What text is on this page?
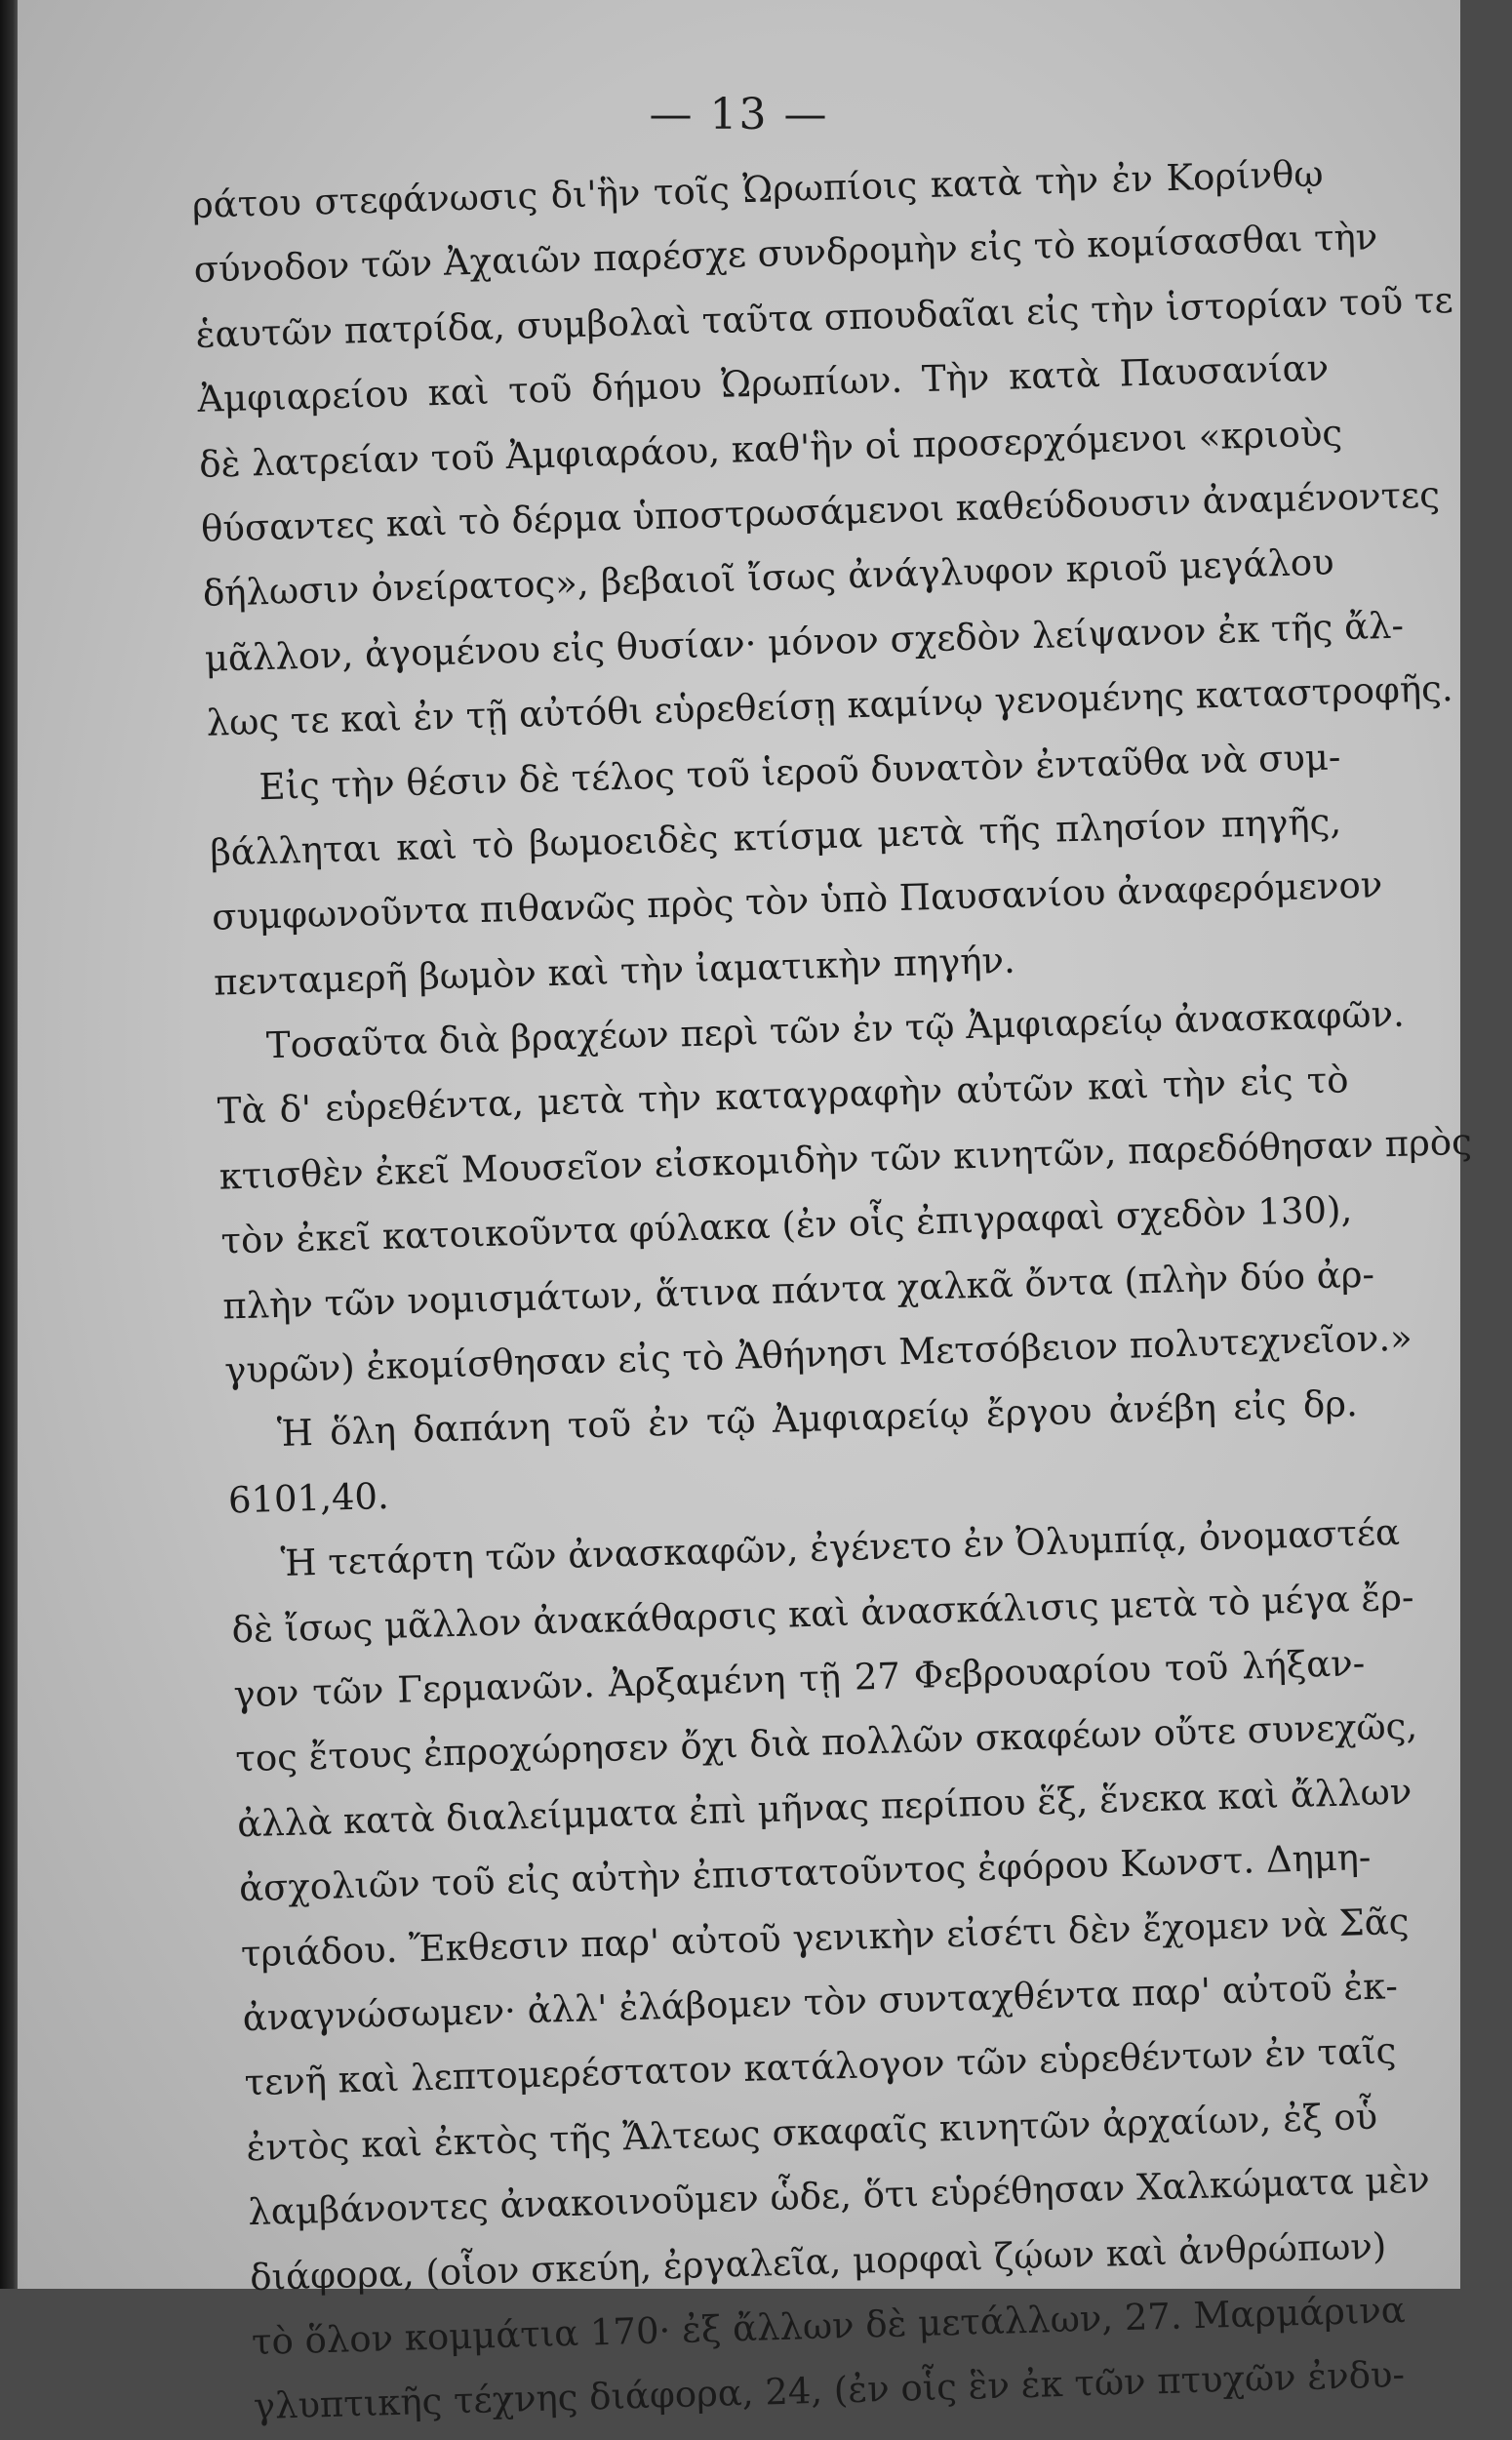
— 13 —
ράτου στεφάνωσις δι'ἣν τοῖς Ὠρωπίοις κατὰ τὴν ἐν Κορίνθῳ
σύνοδον τῶν Ἀχαιῶν παρέσχε συνδρομὴν εἰς τὸ κομίσασθαι τὴν
ἑαυτῶν πατρίδα, συμβολαὶ ταῦτα σπουδαῖαι εἰς τὴν ἱστορίαν τοῦ τε
Ἀμφιαρείου καὶ τοῦ δήμου Ὠρωπίων. Τὴν κατὰ Παυσανίαν
δὲ λατρείαν τοῦ Ἀμφιαράου, καθ'ἣν οἱ προσερχόμενοι «κριοὺς
θύσαντες καὶ τὸ δέρμα ὑποστρωσάμενοι καθεύδουσιν ἀναμένοντες
δήλωσιν ὀνείρατος», βεβαιοῖ ἴσως ἀνάγλυφον κριοῦ μεγάλου
μᾶλλον, ἀγομένου εἰς θυσίαν· μόνον σχεδὸν λείψανον ἐκ τῆς ἄλ-
λως τε καὶ ἐν τῇ αὐτόθι εὑρεθείσῃ καμίνῳ γενομένης καταστροφῆς.
Εἰς τὴν θέσιν δὲ τέλος τοῦ ἱεροῦ δυνατὸν ἐνταῦθα νὰ συμ-
βάλληται καὶ τὸ βωμοειδὲς κτίσμα μετὰ τῆς πλησίον πηγῆς,
συμφωνοῦντα πιθανῶς πρὸς τὸν ὑπὸ Παυσανίου ἀναφερόμενον
πενταμερῆ βωμὸν καὶ τὴν ἰαματικὴν πηγήν.
Τοσαῦτα διὰ βραχέων περὶ τῶν ἐν τῷ Ἀμφιαρείῳ ἀνασκαφῶν.
Τὰ δ' εὑρεθέντα, μετὰ τὴν καταγραφὴν αὐτῶν καὶ τὴν εἰς τὸ
κτισθὲν ἐκεῖ Μουσεῖον εἰσκομιδὴν τῶν κινητῶν, παρεδόθησαν πρὸς
τὸν ἐκεῖ κατοικοῦντα φύλακα (ἐν οἷς ἐπιγραφαὶ σχεδὸν 130),
πλὴν τῶν νομισμάτων, ἅτινα πάντα χαλκᾶ ὄντα (πλὴν δύο ἀρ-
γυρῶν) ἐκομίσθησαν εἰς τὸ Ἀθήνησι Μετσόβειον πολυτεχνεῖον.»
Ἡ ὅλη δαπάνη τοῦ ἐν τῷ Ἀμφιαρείῳ ἔργου ἀνέβη εἰς δρ.
6101,40.
Ἡ τετάρτη τῶν ἀνασκαφῶν, ἐγένετο ἐν Ὀλυμπίᾳ, ὀνομαστέα
δὲ ἴσως μᾶλλον ἀνακάθαρσις καὶ ἀνασκάλισις μετὰ τὸ μέγα ἔρ-
γον τῶν Γερμανῶν. Ἀρξαμένη τῇ 27 Φεβρουαρίου τοῦ λήξαν-
τος ἔτους ἐπροχώρησεν ὄχι διὰ πολλῶν σκαφέων οὔτε συνεχῶς,
ἀλλὰ κατὰ διαλείμματα ἐπὶ μῆνας περίπου ἕξ, ἕνεκα καὶ ἄλλων
ἀσχολιῶν τοῦ εἰς αὐτὴν ἐπιστατοῦντος ἐφόρου Κωνστ. Δημη-
τριάδου. Ἔκθεσιν παρ' αὐτοῦ γενικὴν εἰσέτι δὲν ἔχομεν νὰ Σᾶς
ἀναγνώσωμεν· ἀλλ' ἐλάβομεν τὸν συνταχθέντα παρ' αὐτοῦ ἐκ-
τενῆ καὶ λεπτομερέστατον κατάλογον τῶν εὑρεθέντων ἐν ταῖς
ἐντὸς καὶ ἐκτὸς τῆς Ἄλτεως σκαφαῖς κινητῶν ἀρχαίων, ἐξ οὗ
λαμβάνοντες ἀνακοινοῦμεν ὧδε, ὅτι εὑρέθησαν Χαλκώματα μὲν
διάφορα, (οἷον σκεύη, ἐργαλεῖα, μορφαὶ ζῴων καὶ ἀνθρώπων)
τὸ ὅλον κομμάτια 170· ἐξ ἄλλων δὲ μετάλλων, 27. Μαρμάρινα
γλυπτικῆς τέχνης διάφορα, 24, (ἐν οἷς ἓν ἐκ τῶν πτυχῶν ἐνδυ-
